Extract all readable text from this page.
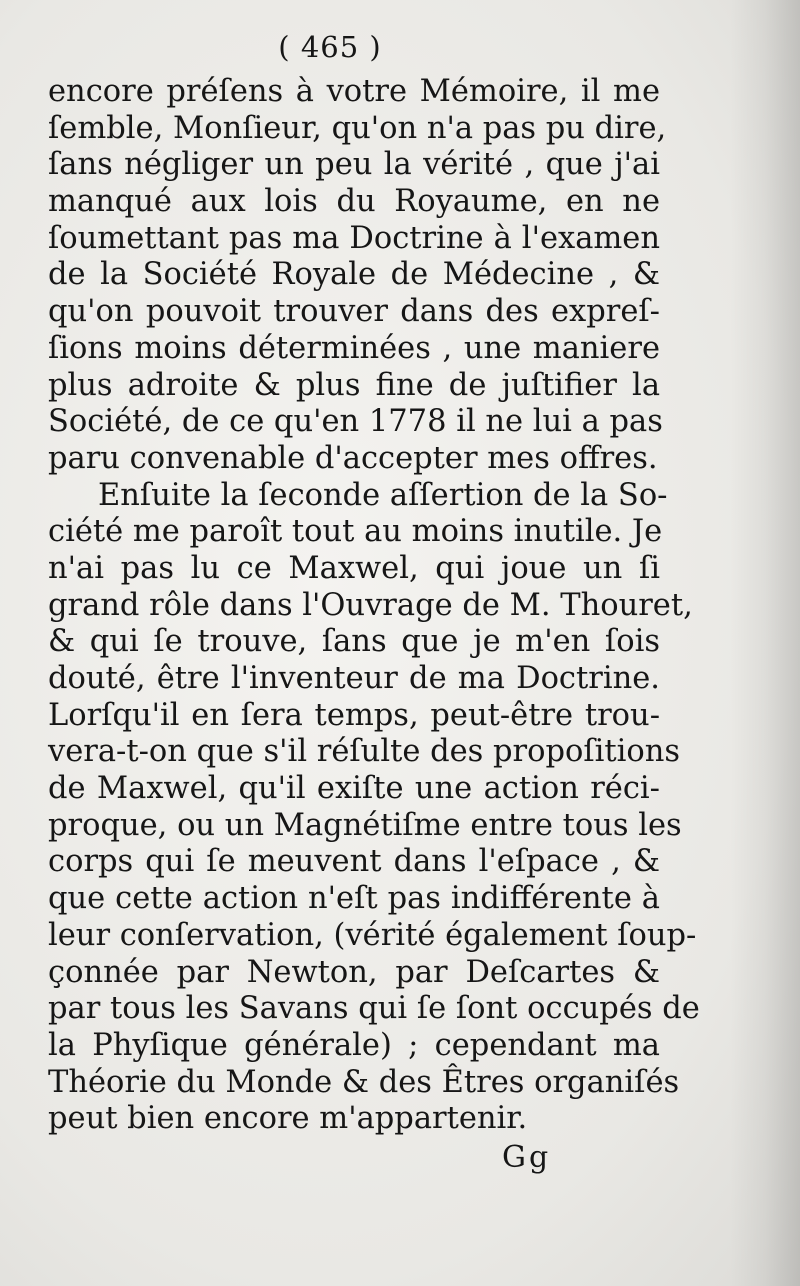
( 465 )
encore préſens à votre Mémoire, il me
ſemble, Monſieur, qu'on n'a pas pu dire,
ſans négliger un peu la vérité , que j'ai
manqué aux lois du Royaume, en ne
ſoumettant pas ma Doctrine à l'examen
de la Société Royale de Médecine , &
qu'on pouvoit trouver dans des expreſ-
ſions moins déterminées , une maniere
plus adroite & plus fine de juſtifier la
Société, de ce qu'en 1778 il ne lui a pas
paru convenable d'accepter mes offres.
Enſuite la ſeconde aſſertion de la So-
ciété me paroît tout au moins inutile. Je
n'ai pas lu ce Maxwel, qui joue un ſi
grand rôle dans l'Ouvrage de M. Thouret,
& qui ſe trouve, ſans que je m'en ſois
douté, être l'inventeur de ma Doctrine.
Lorſqu'il en ſera temps, peut-être trou-
vera-t-on que s'il réſulte des propoſitions
de Maxwel, qu'il exiſte une action réci-
proque, ou un Magnétiſme entre tous les
corps qui ſe meuvent dans l'eſpace , &
que cette action n'eſt pas indifférente à
leur conſervation, (vérité également ſoup-
çonnée par Newton, par Deſcartes &
par tous les Savans qui ſe ſont occupés de
la Phyſique générale) ; cependant ma
Théorie du Monde & des Êtres organiſés
peut bien encore m'appartenir.
Gg
